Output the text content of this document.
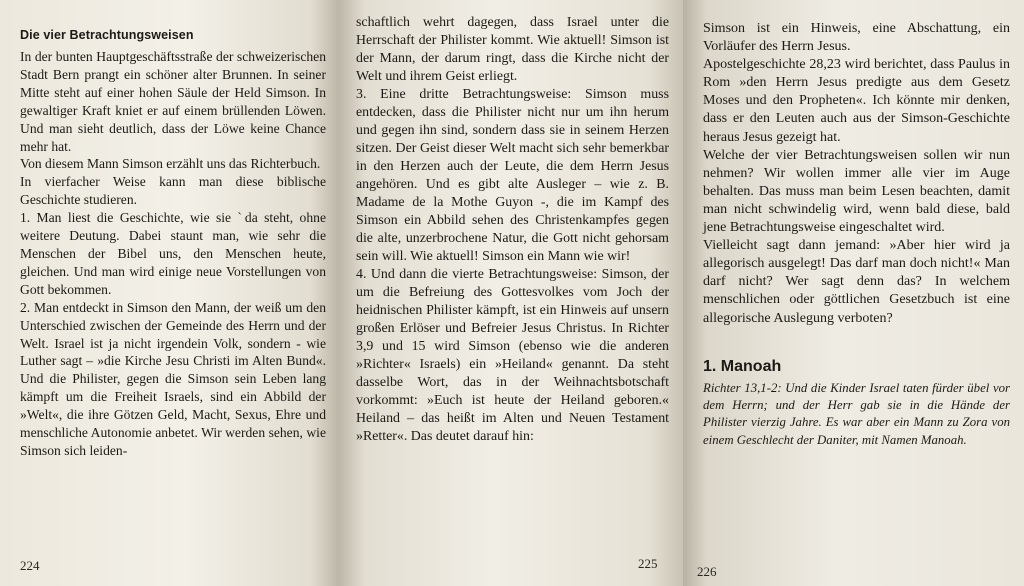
Die vier Betrachtungsweisen

In der bunten Hauptgeschäftsstraße der schweizerischen Stadt Bern prangt ein schöner alter Brunnen. In seiner Mitte steht auf einer hohen Säule der Held Simson. In gewaltiger Kraft kniet er auf einem brüllenden Löwen. Und man sieht deutlich, dass der Löwe keine Chance mehr hat.

Von diesem Mann Simson erzählt uns das Richterbuch.

In vierfacher Weise kann man diese biblische Geschichte studieren.

1. Man liest die Geschichte, wie sie ˋda steht, ohne weitere Deutung. Dabei staunt man, wie sehr die Menschen der Bibel uns, den Menschen heute, gleichen. Und man wird einige neue Vorstellungen von Gott bekommen.

2. Man entdeckt in Simson den Mann, der weiß um den Unterschied zwischen der Gemeinde des Herrn und der Welt. Israel ist ja nicht irgendein Volk, sondern - wie Luther sagt – »die Kirche Jesu Christi im Alten Bund«. Und die Philister, gegen die Simson sein Leben lang kämpft um die Freiheit Israels, sind ein Abbild der »Welt«, die ihre Götzen Geld, Macht, Sexus, Ehre und menschliche Autonomie anbetet. Wir werden sehen, wie Simson sich leiden-

224

schaftlich wehrt dagegen, dass Israel unter die Herrschaft der Philister kommt. Wie aktuell! Simson ist der Mann, der darum ringt, dass die Kirche nicht der Welt und ihrem Geist erliegt.

3. Eine dritte Betrachtungsweise: Simson muss entdecken, dass die Philister nicht nur um ihn herum und gegen ihn sind, sondern dass sie in seinem Herzen sitzen. Der Geist dieser Welt macht sich sehr bemerkbar in den Herzen auch der Leute, die dem Herrn Jesus angehören. Und es gibt alte Ausleger – wie z. B. Madame de la Mothe Guyon -, die im Kampf des Simson ein Abbild sehen des Christenkampfes gegen die alte, unzerbrochene Natur, die Gott nicht gehorsam sein will. Wie aktuell! Simson ein Mann wie wir!

4. Und dann die vierte Betrachtungsweise: Simson, der um die Befreiung des Gottesvolkes vom Joch der heidnischen Philister kämpft, ist ein Hinweis auf unsern großen Erlöser und Befreier Jesus Christus. In Richter 3,9 und 15 wird Simson (ebenso wie die anderen »Richter« Israels) ein »Heiland« genannt. Da steht dasselbe Wort, das in der Weihnachtsbotschaft vorkommt: »Euch ist heute der Heiland geboren.« Heiland – das heißt im Alten und Neuen Testament »Retter«. Das deutet darauf hin:

225

Simson ist ein Hinweis, eine Abschattung, ein Vorläufer des Herrn Jesus.

Apostelgeschichte 28,23 wird berichtet, dass Paulus in Rom »den Herrn Jesus predigte aus dem Gesetz Moses und den Propheten«. Ich könnte mir denken, dass er den Leuten auch aus der Simson-Geschichte heraus Jesus gezeigt hat.

Welche der vier Betrachtungsweisen sollen wir nun nehmen? Wir wollen immer alle vier im Auge behalten. Das muss man beim Lesen beachten, damit man nicht schwindelig wird, wenn bald diese, bald jene Betrachtungsweise eingeschaltet wird.

Vielleicht sagt dann jemand: »Aber hier wird ja allegorisch ausgelegt! Das darf man doch nicht!« Man darf nicht? Wer sagt denn das? In welchem menschlichen oder göttlichen Gesetzbuch ist eine allegorische Auslegung verboten?

1. Manoah

Richter 13,1-2: Und die Kinder Israel taten fürder übel vor dem Herrn; und der Herr gab sie in die Hände der Philister vierzig Jahre. Es war aber ein Mann zu Zora von einem Geschlecht der Daniter, mit Namen Manoah.

226
